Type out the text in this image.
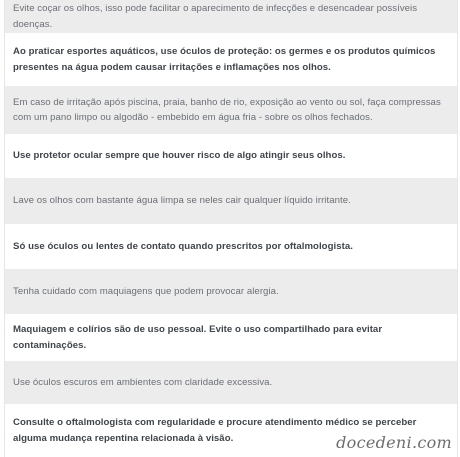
Evite coçar os olhos, isso pode facilitar o aparecimento de infecções e desencadear possíveis doenças.
Ao praticar esportes aquáticos, use óculos de proteção: os germes e os produtos químicos presentes na água podem causar irritações e inflamações nos olhos.
Em caso de irritação após piscina, praia, banho de rio, exposição ao vento ou sol, faça compressas com um pano limpo ou algodão - embebido em água fria - sobre os olhos fechados.
Use protetor ocular sempre que houver risco de algo atingir seus olhos.
Lave os olhos com bastante água limpa se neles cair qualquer líquido irritante.
Só use óculos ou lentes de contato quando prescritos por oftalmologista.
Tenha cuidado com maquiagens que podem provocar alergia.
Maquiagem e colírios são de uso pessoal. Evite o uso compartilhado para evitar contaminações.
Use óculos escuros em ambientes com claridade excessiva.
Consulte o oftalmologista com regularidade e procure atendimento médico se perceber alguma mudança repentina relacionada à visão.	docedeni.com
